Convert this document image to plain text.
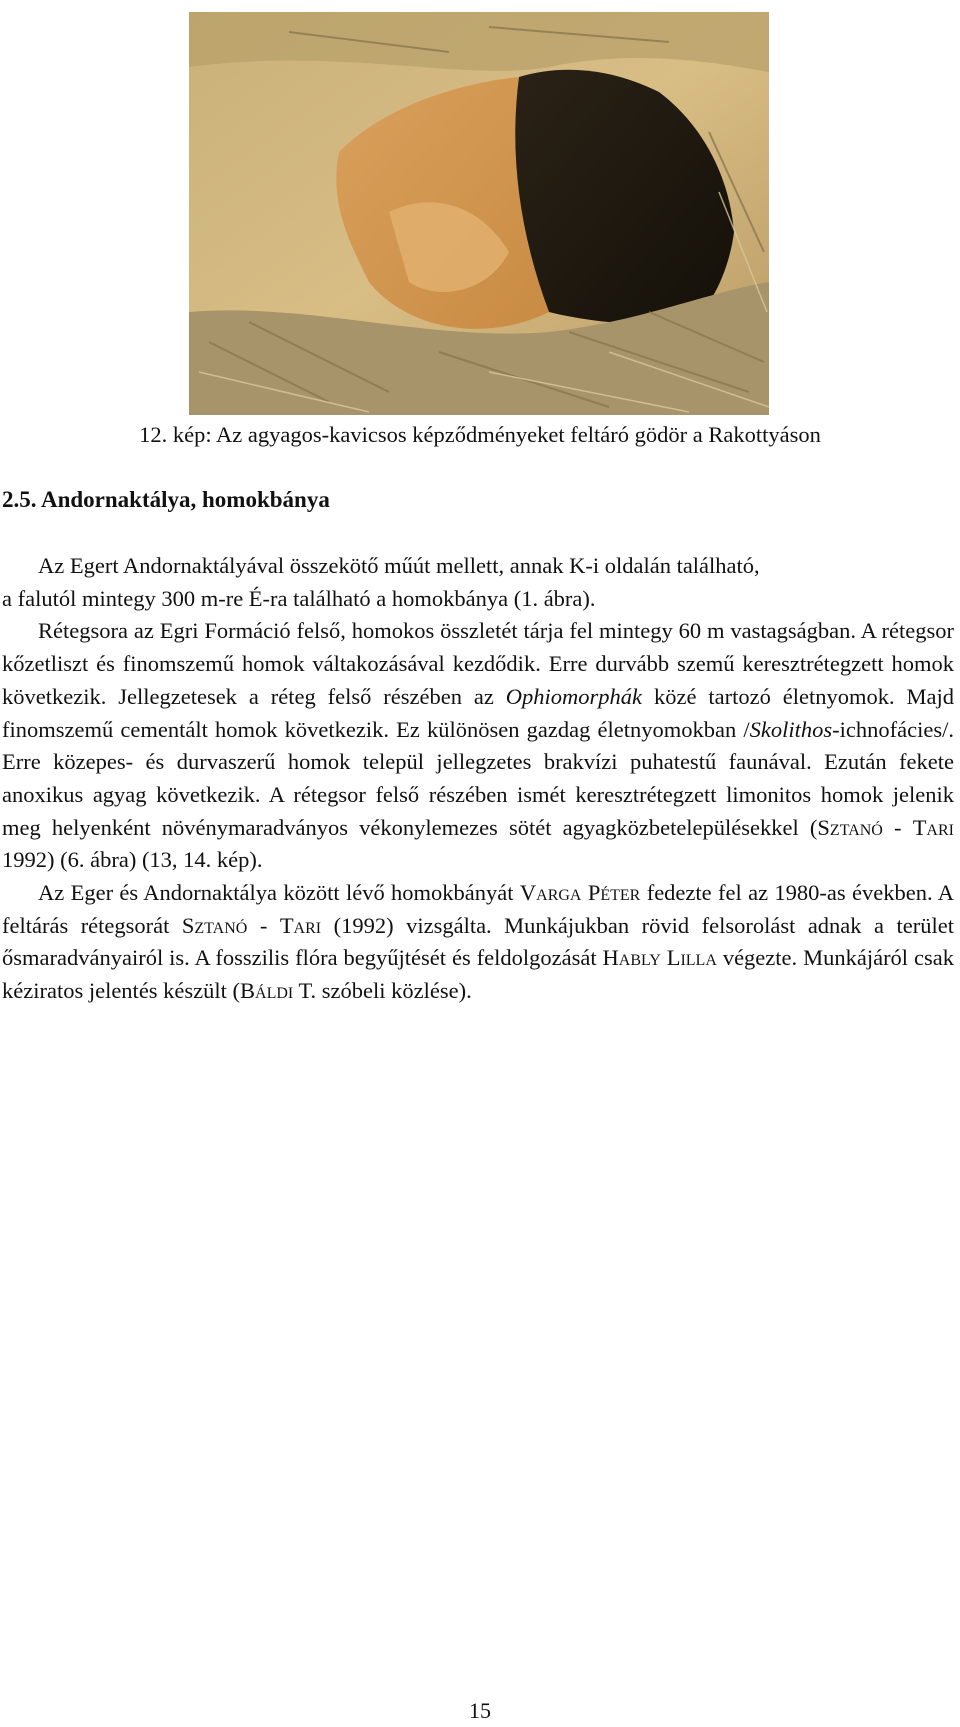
12. kép: Az agyagos-kavicsos képződményeket feltáró gödör a Rakottyáson
2.5. Andornaktálya, homokbánya

Az Egert Andornaktályával összekötő műút mellett, annak K-i oldalán található,

a falutól mintegy 300 m-re É-ra található a homokbánya (1. ábra).

Rétegsora az Egri Formáció felső, homokos összletét tárja fel mintegy 60 m vastagságban. A rétegsor kőzetliszt és finomszemű homok váltakozásával kezdődik. Erre durvább szemű keresztrétegzett homok következik. Jellegzetesek a réteg felső részében az Ophiomorphák közé tartozó életnyomok. Majd finomszemű cementált homok következik. Ez különösen gazdag életnyomokban /Skolithos-ichnofácies/. Erre közepes- és durvaszerű homok települ jellegzetes brakvízi puhatestű faunával. Ezután fekete anoxikus agyag következik. A rétegsor felső részében ismét keresztrétegzett limonitos homok jelenik meg helyenként növénymaradványos vékonylemezes sötét agyagközbetelepülésekkel (Sztanó - Tari 1992) (6. ábra) (13, 14. kép).

Az Eger és Andornaktálya között lévő homokbányát Varga Péter fedezte fel az 1980-as években. A feltárás rétegsorát Sztanó - Tari (1992) vizsgálta. Munkájukban rövid felsorolást adnak a terület ősmaradványairól is. A fosszilis flóra begyűjtését és feldolgozását Hably Lilla végezte. Munkájáról csak kéziratos jelentés készült (Báldi T. szóbeli közlése).

15
